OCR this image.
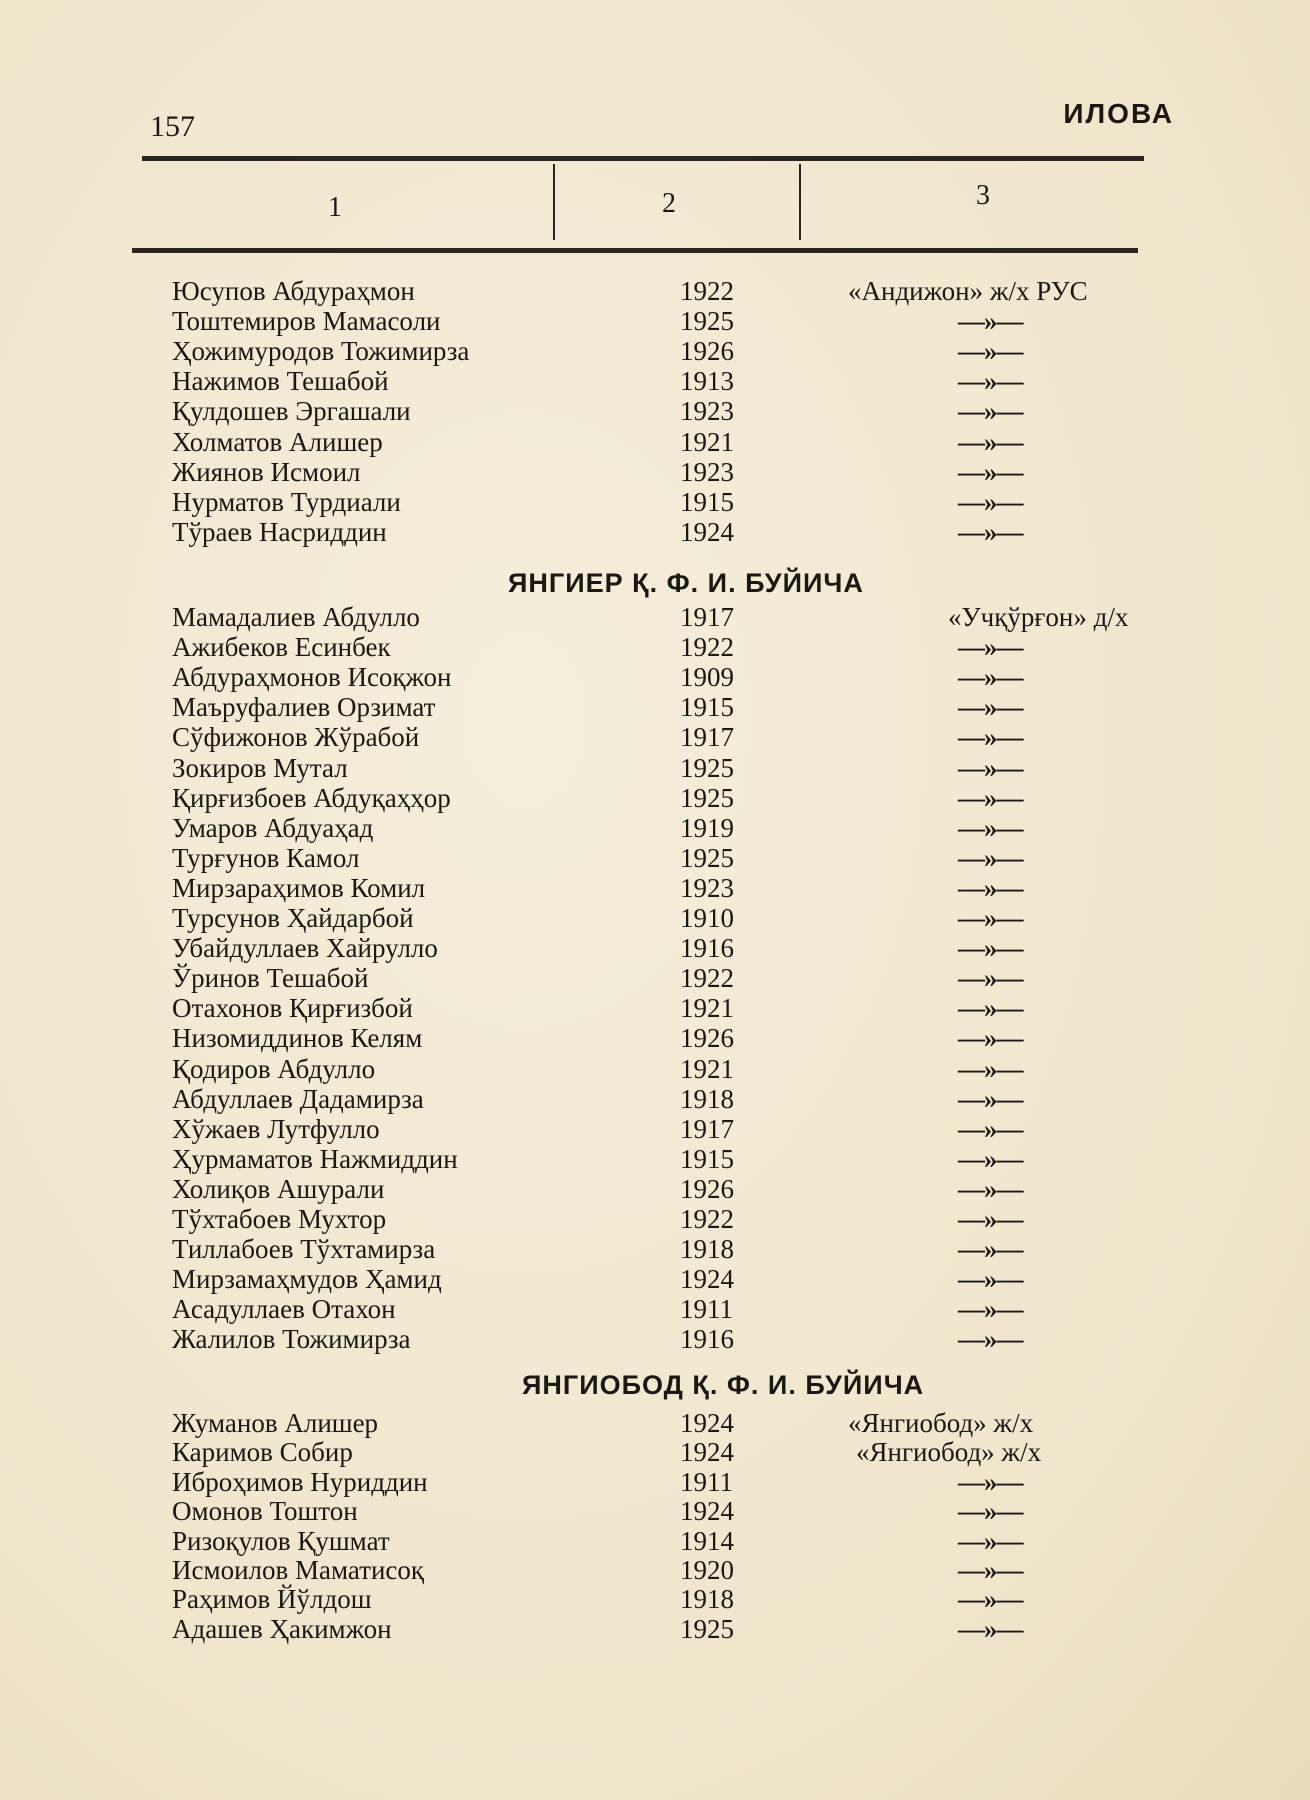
157	ИЛОВА
1	2	3
ЯНГИЕР Қ. Ф. И. БУЙИЧА
ЯНГИОБОД Қ. Ф. И. БУЙИЧА
Юсупов Абдураҳмон	1922	«Андижон» ж/х РУС
Тоштемиров Мамасоли	1925	—»—
Ҳожимуродов Тожимирза	1926	—»—
Нажимов Тешабой	1913	—»—
Қулдошев Эргашали	1923	—»—
Холматов Алишер	1921	—»—
Жиянов Исмоил	1923	—»—
Нурматов Турдиали	1915	—»—
Тўраев Насриддин	1924	—»—
Мамадалиев Абдулло	1917	«Учқўрғон» д/х
Ажибеков Есинбек	1922	—»—
Абдураҳмонов Исоқжон	1909	—»—
Маъруфалиев Орзимат	1915	—»—
Сўфижонов Жўрабой	1917	—»—
Зокиров Мутал	1925	—»—
Қирғизбоев Абдуқаҳҳор	1925	—»—
Умаров Абдуаҳад	1919	—»—
Турғунов Камол	1925	—»—
Мирзараҳимов Комил	1923	—»—
Турсунов Ҳайдарбой	1910	—»—
Убайдуллаев Хайрулло	1916	—»—
Ўринов Тешабой	1922	—»—
Отахонов Қирғизбой	1921	—»—
Низомиддинов Келям	1926	—»—
Қодиров Абдулло	1921	—»—
Абдуллаев Дадамирза	1918	—»—
Хўжаев Лутфулло	1917	—»—
Ҳурмаматов Нажмиддин	1915	—»—
Холиқов Ашурали	1926	—»—
Тўхтабоев Мухтор	1922	—»—
Тиллабоев Тўхтамирза	1918	—»—
Мирзамаҳмудов Ҳамид	1924	—»—
Асадуллаев Отахон	1911	—»—
Жалилов Тожимирза	1916	—»—
Жуманов Алишер	1924	«Янгиобод» ж/х
Каримов Собир	1924	«Янгиобод» ж/х
Иброҳимов Нуриддин	1911	—»—
Омонов Тоштон	1924	—»—
Ризоқулов Қушмат	1914	—»—
Исмоилов Маматисоқ	1920	—»—
Раҳимов Йўлдош	1918	—»—
Адашев Ҳакимжон	1925	—»—
